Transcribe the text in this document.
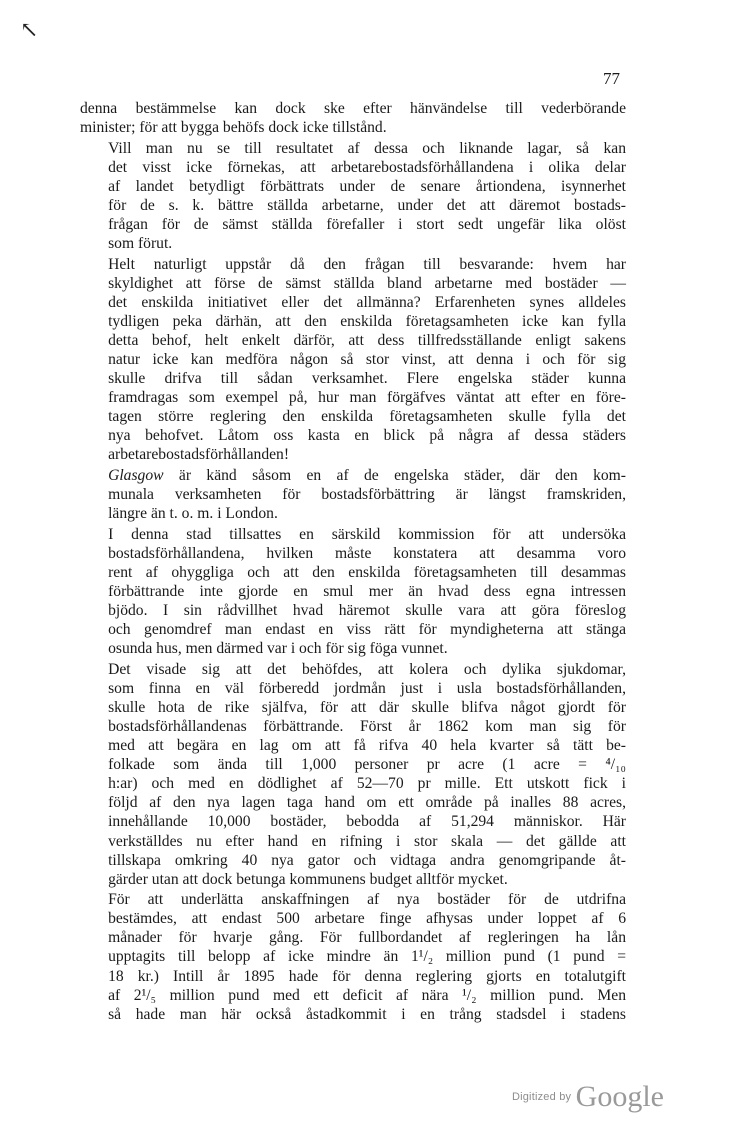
↖
77
denna bestämmelse kan dock ske efter hänvändelse till vederbörande
minister; för att bygga behöfs dock icke tillstånd.
Vill man nu se till resultatet af dessa och liknande lagar, så kan
det visst icke förnekas, att arbetarebostadsförhållandena i olika delar
af landet betydligt förbättrats under de senare årtiondena, isynnerhet
för de s. k. bättre ställda arbetarne, under det att däremot bostads-
frågan för de sämst ställda förefaller i stort sedt ungefär lika olöst
som förut.
Helt naturligt uppstår då den frågan till besvarande: hvem har
skyldighet att förse de sämst ställda bland arbetarne med bostäder —
det enskilda initiativet eller det allmänna? Erfarenheten synes alldeles
tydligen peka därhän, att den enskilda företagsamheten icke kan fylla
detta behof, helt enkelt därför, att dess tillfredsställande enligt sakens
natur icke kan medföra någon så stor vinst, att denna i och för sig
skulle drifva till sådan verksamhet. Flere engelska städer kunna
framdragas som exempel på, hur man förgäfves väntat att efter en före-
tagen större reglering den enskilda företagsamheten skulle fylla det
nya behofvet. Låtom oss kasta en blick på några af dessa städers
arbetarebostadsförhållanden!
Glasgow är känd såsom en af de engelska städer, där den kom-
munala verksamheten för bostadsförbättring är längst framskriden,
längre än t. o. m. i London.
I denna stad tillsattes en särskild kommission för att undersöka
bostadsförhållandena, hvilken måste konstatera att desamma voro
rent af ohyggliga och att den enskilda företagsamheten till desammas
förbättrande inte gjorde en smul mer än hvad dess egna intressen
bjödo. I sin rådvillhet hvad häremot skulle vara att göra föreslog
och genomdref man endast en viss rätt för myndigheterna att stänga
osunda hus, men därmed var i och för sig föga vunnet.
Det visade sig att det behöfdes, att kolera och dylika sjukdomar,
som finna en väl förberedd jordmån just i usla bostadsförhållanden,
skulle hota de rike själfva, för att där skulle blifva något gjordt för
bostadsförhållandenas förbättrande. Först år 1862 kom man sig för
med att begära en lag om att få rifva 40 hela kvarter så tätt be-
folkade som ända till 1,000 personer pr acre (1 acre = ⁴/₁₀
h:ar) och med en dödlighet af 52—70 pr mille. Ett utskott fick i
följd af den nya lagen taga hand om ett område på inalles 88 acres,
innehållande 10,000 bostäder, bebodda af 51,294 människor. Här
verkställdes nu efter hand en rifning i stor skala — det gällde att
tillskapa omkring 40 nya gator och vidtaga andra genomgripande åt-
gärder utan att dock betunga kommunens budget alltför mycket.
För att underlätta anskaffningen af nya bostäder för de utdrifna
bestämdes, att endast 500 arbetare finge afhysas under loppet af 6
månader för hvarje gång. För fullbordandet af regleringen ha lån
upptagits till belopp af icke mindre än 1¹/₂ million pund (1 pund =
18 kr.) Intill år 1895 hade för denna reglering gjorts en totalutgift
af 2¹/₅ million pund med ett deficit af nära ¹/₂ million pund. Men
så hade man här också åstadkommit i en trång stadsdel i stadens
Digitized by Google
